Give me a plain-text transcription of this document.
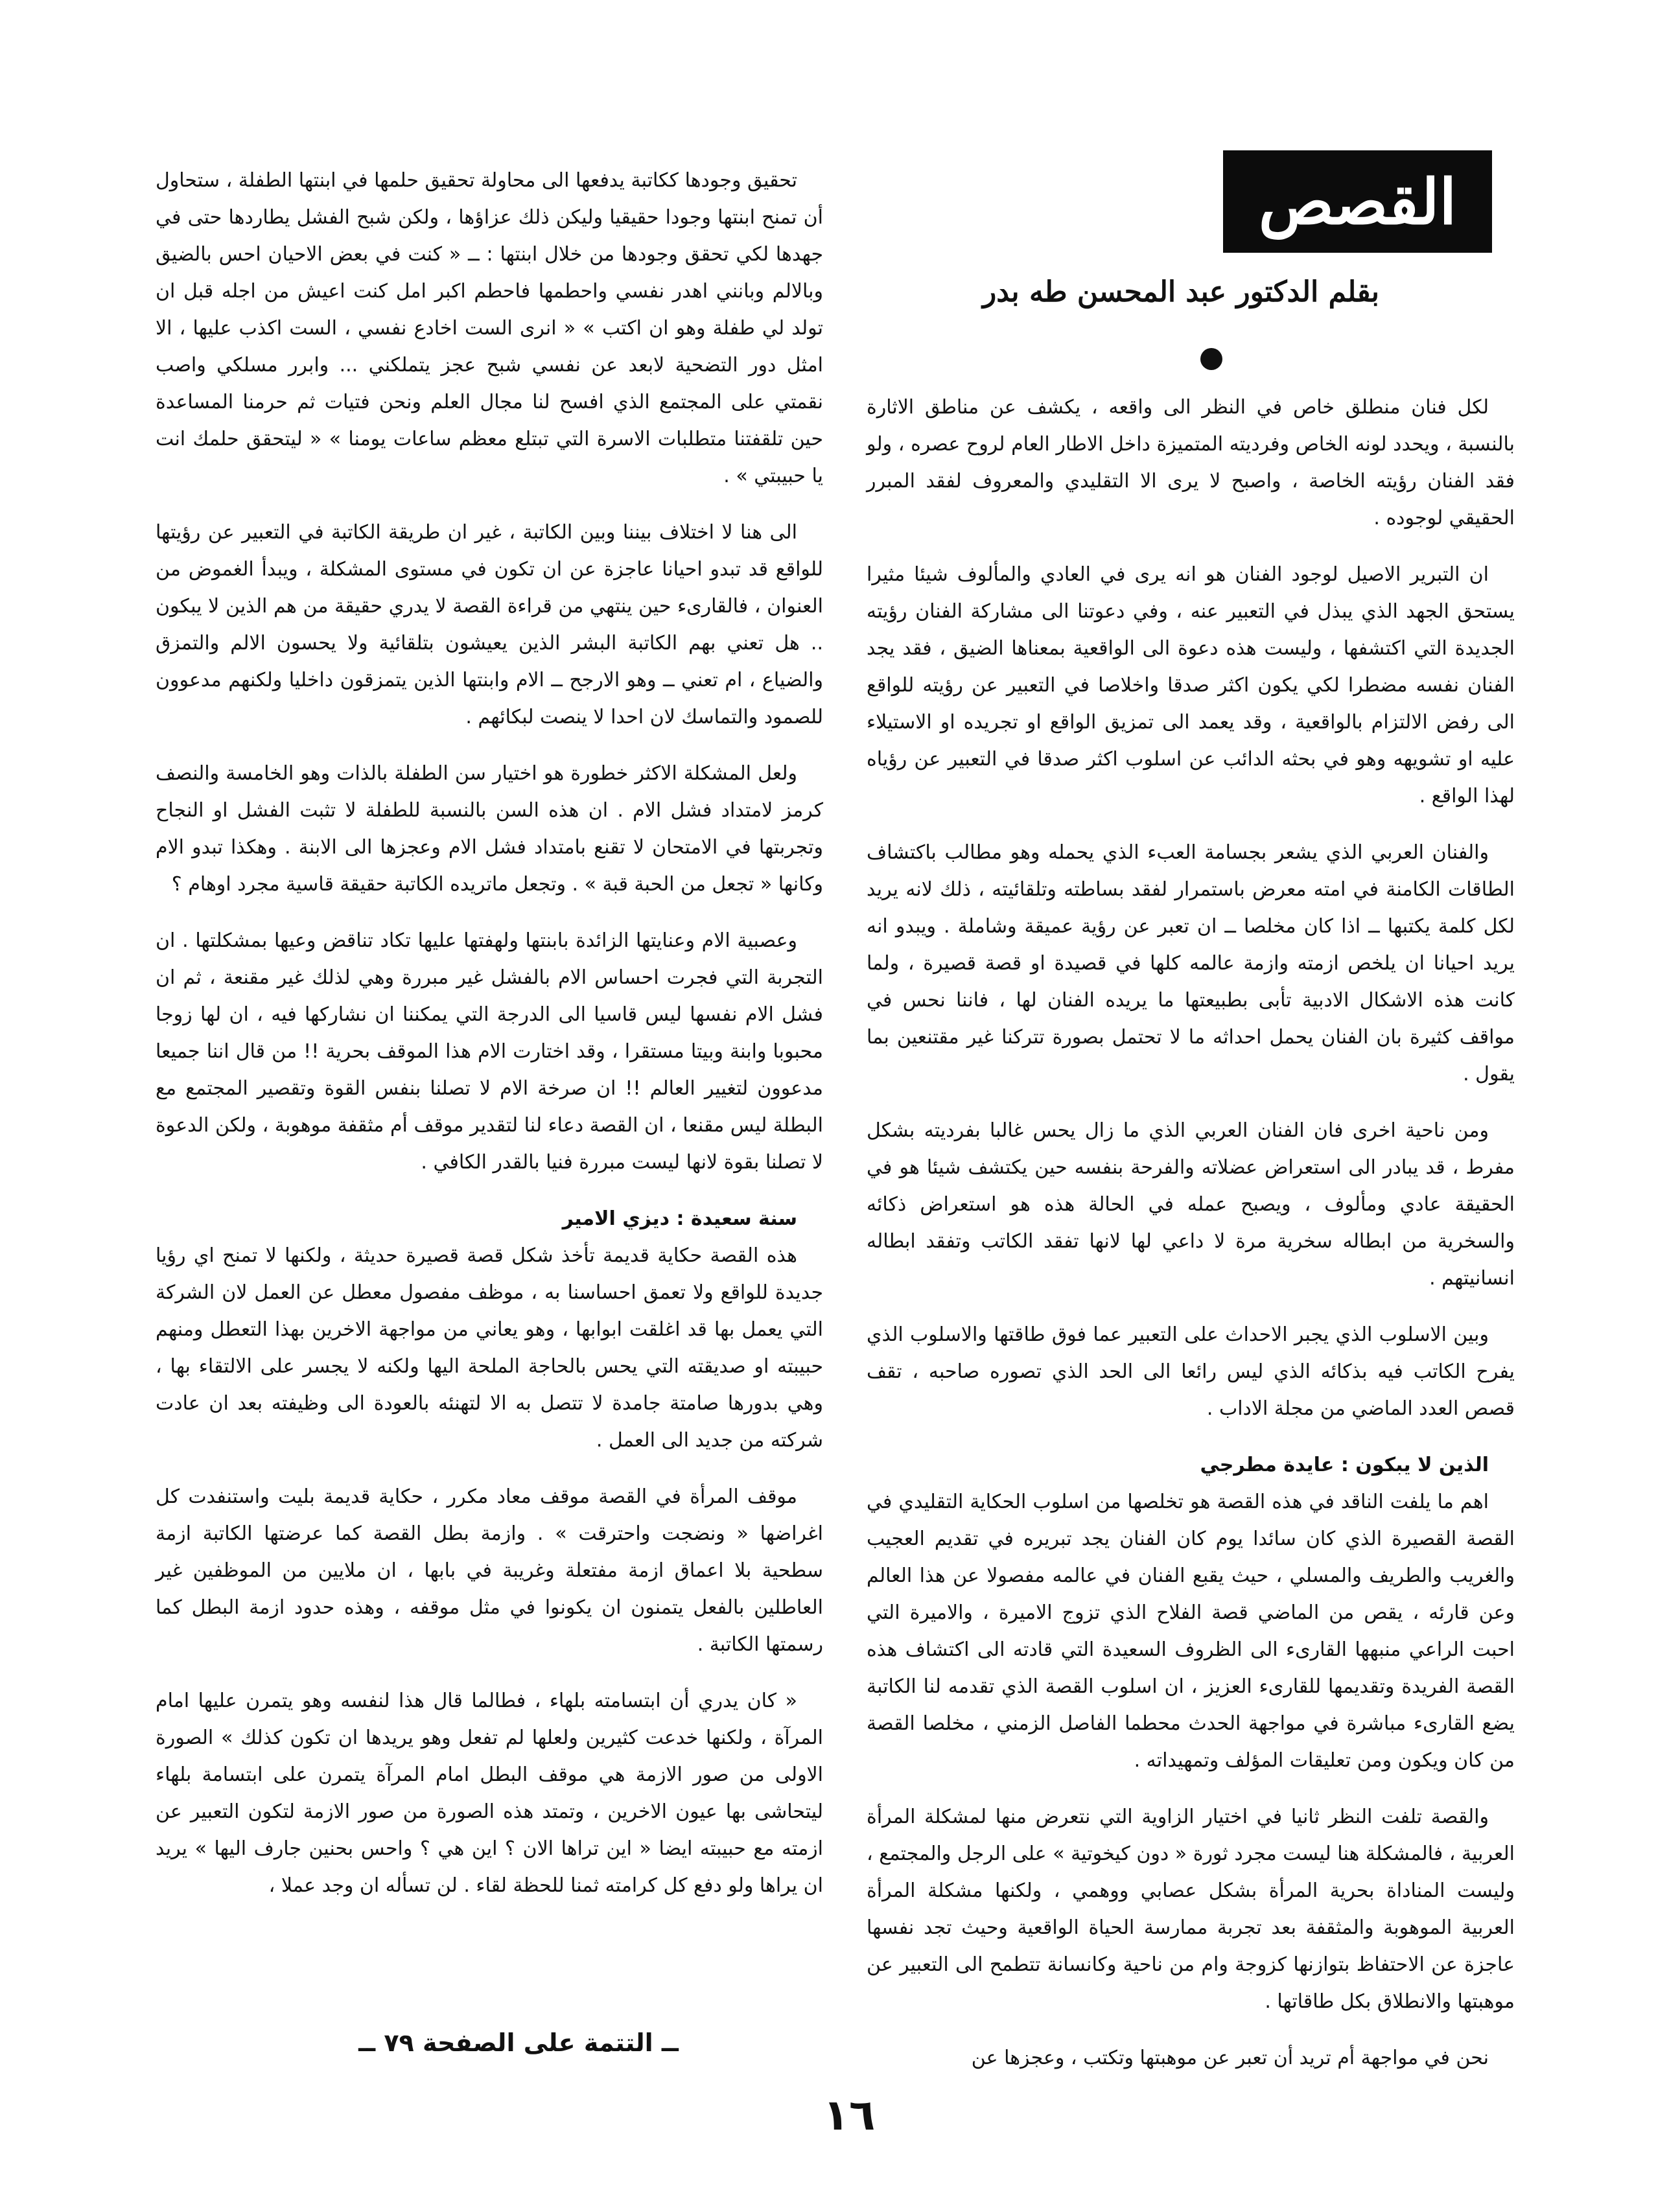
القصص
بقلم الدكتور عبد المحسن طه بدر

لكل فنان منطلق خاص في النظر الى واقعه ، يكشف عن مناطق الاثارة بالنسبة ، ويحدد لونه الخاص وفرديته المتميزة داخل الاطار العام لروح عصره ، ولو فقد الفنان رؤيته الخاصة ، واصبح لا يرى الا التقليدي والمعروف لفقد المبرر الحقيقي لوجوده .

ان التبرير الاصيل لوجود الفنان هو انه يرى في العادي والمألوف شيئا مثيرا يستحق الجهد الذي يبذل في التعبير عنه ، وفي دعوتنا الى مشاركة الفنان رؤيته الجديدة التي اكتشفها ، وليست هذه دعوة الى الواقعية بمعناها الضيق ، فقد يجد الفنان نفسه مضطرا لكي يكون اكثر صدقا واخلاصا في التعبير عن رؤيته للواقع الى رفض الالتزام بالواقعية ، وقد يعمد الى تمزيق الواقع او تجريده او الاستيلاء عليه او تشويهه وهو في بحثه الدائب عن اسلوب اكثر صدقا في التعبير عن رؤياه لهذا الواقع .

والفنان العربي الذي يشعر بجسامة العبء الذي يحمله وهو مطالب باكتشاف الطاقات الكامنة في امته معرض باستمرار لفقد بساطته وتلقائيته ، ذلك لانه يريد لكل كلمة يكتبها ــ اذا كان مخلصا ــ ان تعبر عن رؤية عميقة وشاملة . ويبدو انه يريد احيانا ان يلخص ازمته وازمة عالمه كلها في قصيدة او قصة قصيرة ، ولما كانت هذه الاشكال الادبية تأبى بطبيعتها ما يريده الفنان لها ، فاننا نحس في مواقف كثيرة بان الفنان يحمل احداثه ما لا تحتمل بصورة تتركنا غير مقتنعين بما يقول .

ومن ناحية اخرى فان الفنان العربي الذي ما زال يحس غالبا بفرديته بشكل مفرط ، قد يبادر الى استعراض عضلاته والفرحة بنفسه حين يكتشف شيئا هو في الحقيقة عادي ومألوف ، ويصبح عمله في الحالة هذه هو استعراض ذكائه والسخرية من ابطاله سخرية مرة لا داعي لها لانها تفقد الكاتب وتفقد ابطاله انسانيتهم .

وبين الاسلوب الذي يجبر الاحداث على التعبير عما فوق طاقتها والاسلوب الذي يفرح الكاتب فيه بذكائه الذي ليس رائعا الى الحد الذي تصوره صاحبه ، تقف قصص العدد الماضي من مجلة الاداب .

الذين لا يبكون : عايدة مطرجي

اهم ما يلفت الناقد في هذه القصة هو تخلصها من اسلوب الحكاية التقليدي في القصة القصيرة الذي كان سائدا يوم كان الفنان يجد تبريره في تقديم العجيب والغريب والطريف والمسلي ، حيث يقبع الفنان في عالمه مفصولا عن هذا العالم وعن قارئه ، يقص من الماضي قصة الفلاح الذي تزوج الاميرة ، والاميرة التي احبت الراعي منبهها القارىء الى الظروف السعيدة التي قادته الى اكتشاف هذه القصة الفريدة وتقديمها للقارىء العزيز ، ان اسلوب القصة الذي تقدمه لنا الكاتبة يضع القارىء مباشرة في مواجهة الحدث محطما الفاصل الزمني ، مخلصا القصة من كان ويكون ومن تعليقات المؤلف وتمهيداته .

والقصة تلفت النظر ثانيا في اختيار الزاوية التي نتعرض منها لمشكلة المرأة العربية ، فالمشكلة هنا ليست مجرد ثورة « دون كيخوتية » على الرجل والمجتمع ، وليست المناداة بحرية المرأة بشكل عصابي ووهمي ، ولكنها مشكلة المرأة العربية الموهوبة والمثقفة بعد تجربة ممارسة الحياة الواقعية وحيث تجد نفسها عاجزة عن الاحتفاظ بتوازنها كزوجة وام من ناحية وكانسانة تتطمح الى التعبير عن موهبتها والانطلاق بكل طاقاتها .

نحن في مواجهة أم تريد أن تعبر عن موهبتها وتكتب ، وعجزها عن

تحقيق وجودها ككاتبة يدفعها الى محاولة تحقيق حلمها في ابنتها الطفلة ، ستحاول أن تمنح ابنتها وجودا حقيقيا وليكن ذلك عزاؤها ، ولكن شبح الفشل يطاردها حتى في جهدها لكي تحقق وجودها من خلال ابنتها : ــ « كنت في بعض الاحيان احس بالضيق وبالالم وبانني اهدر نفسي واحطمها فاحطم اكبر امل كنت اعيش من اجله قبل ان تولد لي طفلة وهو ان اكتب » « انرى الست اخادع نفسي ، الست اكذب عليها ، الا امثل دور التضحية لابعد عن نفسي شبح عجز يتملكني ... وابرر مسلكي واصب نقمتي على المجتمع الذي افسح لنا مجال العلم ونحن فتيات ثم حرمنا المساعدة حين تلقفتنا متطلبات الاسرة التي تبتلع معظم ساعات يومنا » « ليتحقق حلمك انت يا حبيبتي » .

الى هنا لا اختلاف بيننا وبين الكاتبة ، غير ان طريقة الكاتبة في التعبير عن رؤيتها للواقع قد تبدو احيانا عاجزة عن ان تكون في مستوى المشكلة ، ويبدأ الغموض من العنوان ، فالقارىء حين ينتهي من قراءة القصة لا يدري حقيقة من هم الذين لا يبكون .. هل تعني بهم الكاتبة البشر الذين يعيشون بتلقائية ولا يحسون الالم والتمزق والضياع ، ام تعني ــ وهو الارجح ــ الام وابنتها الذين يتمزقون داخليا ولكنهم مدعوون للصمود والتماسك لان احدا لا ينصت لبكائهم .

ولعل المشكلة الاكثر خطورة هو اختيار سن الطفلة بالذات وهو الخامسة والنصف كرمز لامتداد فشل الام . ان هذه السن بالنسبة للطفلة لا تثبت الفشل او النجاح وتجربتها في الامتحان لا تقنع بامتداد فشل الام وعجزها الى الابنة . وهكذا تبدو الام وكانها « تجعل من الحبة قبة » . وتجعل ماتريده الكاتبة حقيقة قاسية مجرد اوهام ؟

وعصبية الام وعنايتها الزائدة بابنتها ولهفتها عليها تكاد تناقض وعيها بمشكلتها . ان التجربة التي فجرت احساس الام بالفشل غير مبررة وهي لذلك غير مقنعة ، ثم ان فشل الام نفسها ليس قاسيا الى الدرجة التي يمكننا ان نشاركها فيه ، ان لها زوجا محبوبا وابنة وبيتا مستقرا ، وقد اختارت الام هذا الموقف بحرية !! من قال اننا جميعا مدعوون لتغيير العالم !! ان صرخة الام لا تصلنا بنفس القوة وتقصير المجتمع مع البطلة ليس مقنعا ، ان القصة دعاء لنا لتقدير موقف أم مثقفة موهوبة ، ولكن الدعوة لا تصلنا بقوة لانها ليست مبررة فنيا بالقدر الكافي .

سنة سعيدة : ديزي الامير

هذه القصة حكاية قديمة تأخذ شكل قصة قصيرة حديثة ، ولكنها لا تمنح اي رؤيا جديدة للواقع ولا تعمق احساسنا به ، موظف مفصول معطل عن العمل لان الشركة التي يعمل بها قد اغلقت ابوابها ، وهو يعاني من مواجهة الاخرين بهذا التعطل ومنهم حبيبته او صديقته التي يحس بالحاجة الملحة اليها ولكنه لا يجسر على الالتقاء بها ، وهي بدورها صامتة جامدة لا تتصل به الا لتهنئه بالعودة الى وظيفته بعد ان عادت شركته من جديد الى العمل .

موقف المرأة في القصة موقف معاد مكرر ، حكاية قديمة بليت واستنفدت كل اغراضها « ونضجت واحترقت » . وازمة بطل القصة كما عرضتها الكاتبة ازمة سطحية بلا اعماق ازمة مفتعلة وغريبة في بابها ، ان ملايين من الموظفين غير العاطلين بالفعل يتمنون ان يكونوا في مثل موقفه ، وهذه حدود ازمة البطل كما رسمتها الكاتبة .

« كان يدري أن ابتسامته بلهاء ، فطالما قال هذا لنفسه وهو يتمرن عليها امام المرآة ، ولكنها خدعت كثيرين ولعلها لم تفعل وهو يريدها ان تكون كذلك » الصورة الاولى من صور الازمة هي موقف البطل امام المرآة يتمرن على ابتسامة بلهاء ليتحاشى بها عيون الاخرين ، وتمتد هذه الصورة من صور الازمة لتكون التعبير عن ازمته مع حبيبته ايضا « اين تراها الان ؟ اين هي ؟ واحس بحنين جارف اليها » يريد ان يراها ولو دفع كل كرامته ثمنا للحظة لقاء . لن تسأله ان وجد عملا ،

ــ التتمة على الصفحة ٧٩ ــ
١٦
